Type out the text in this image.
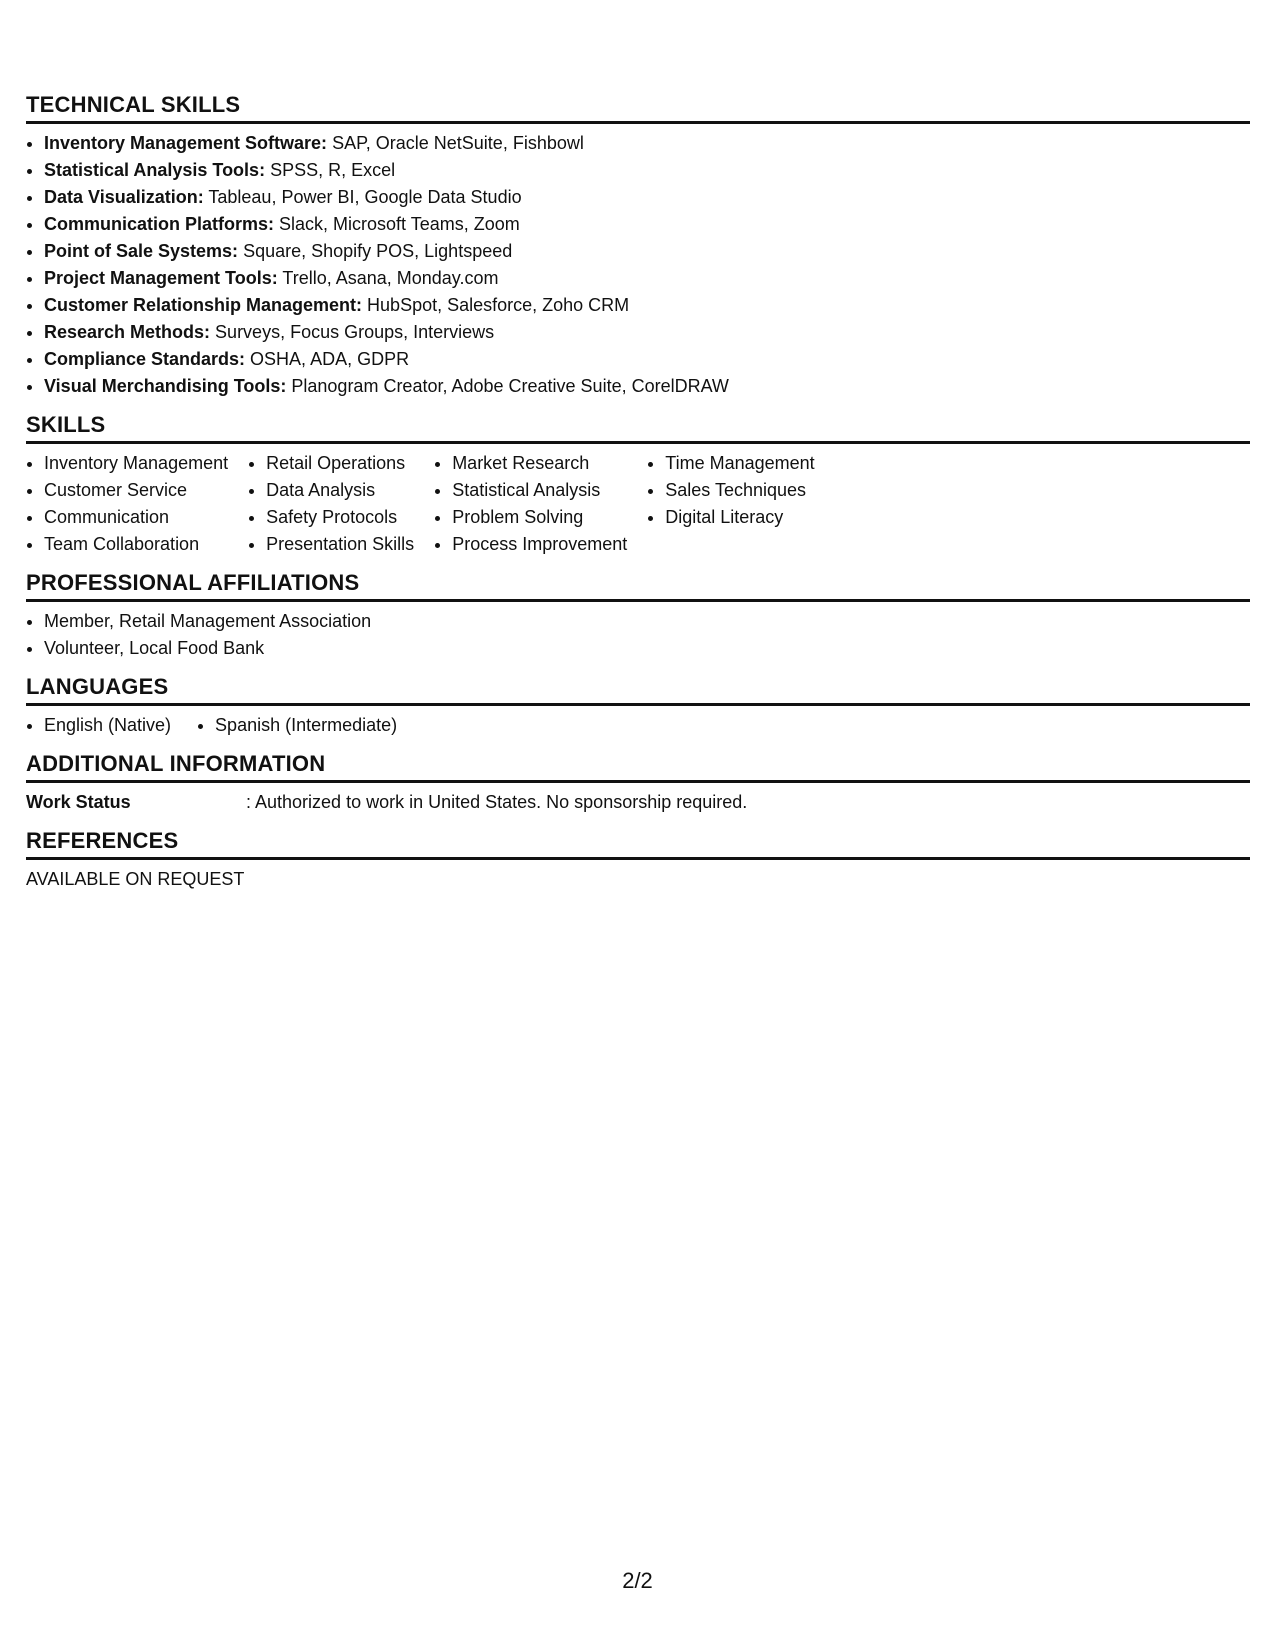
TECHNICAL SKILLS
• Inventory Management Software: SAP, Oracle NetSuite, Fishbowl
• Statistical Analysis Tools: SPSS, R, Excel
• Data Visualization: Tableau, Power BI, Google Data Studio
• Communication Platforms: Slack, Microsoft Teams, Zoom
• Point of Sale Systems: Square, Shopify POS, Lightspeed
• Project Management Tools: Trello, Asana, Monday.com
• Customer Relationship Management: HubSpot, Salesforce, Zoho CRM
• Research Methods: Surveys, Focus Groups, Interviews
• Compliance Standards: OSHA, ADA, GDPR
• Visual Merchandising Tools: Planogram Creator, Adobe Creative Suite, CorelDRAW
SKILLS
• Inventory Management
• Customer Service
• Communication
• Team Collaboration
• Retail Operations
• Data Analysis
• Safety Protocols
• Presentation Skills
• Market Research
• Statistical Analysis
• Problem Solving
• Process Improvement
• Time Management
• Sales Techniques
• Digital Literacy
PROFESSIONAL AFFILIATIONS
• Member, Retail Management Association
• Volunteer, Local Food Bank
LANGUAGES
• English (Native)
• Spanish (Intermediate)
ADDITIONAL INFORMATION
Work Status	: Authorized to work in United States. No sponsorship required.
REFERENCES
AVAILABLE ON REQUEST
2/2
